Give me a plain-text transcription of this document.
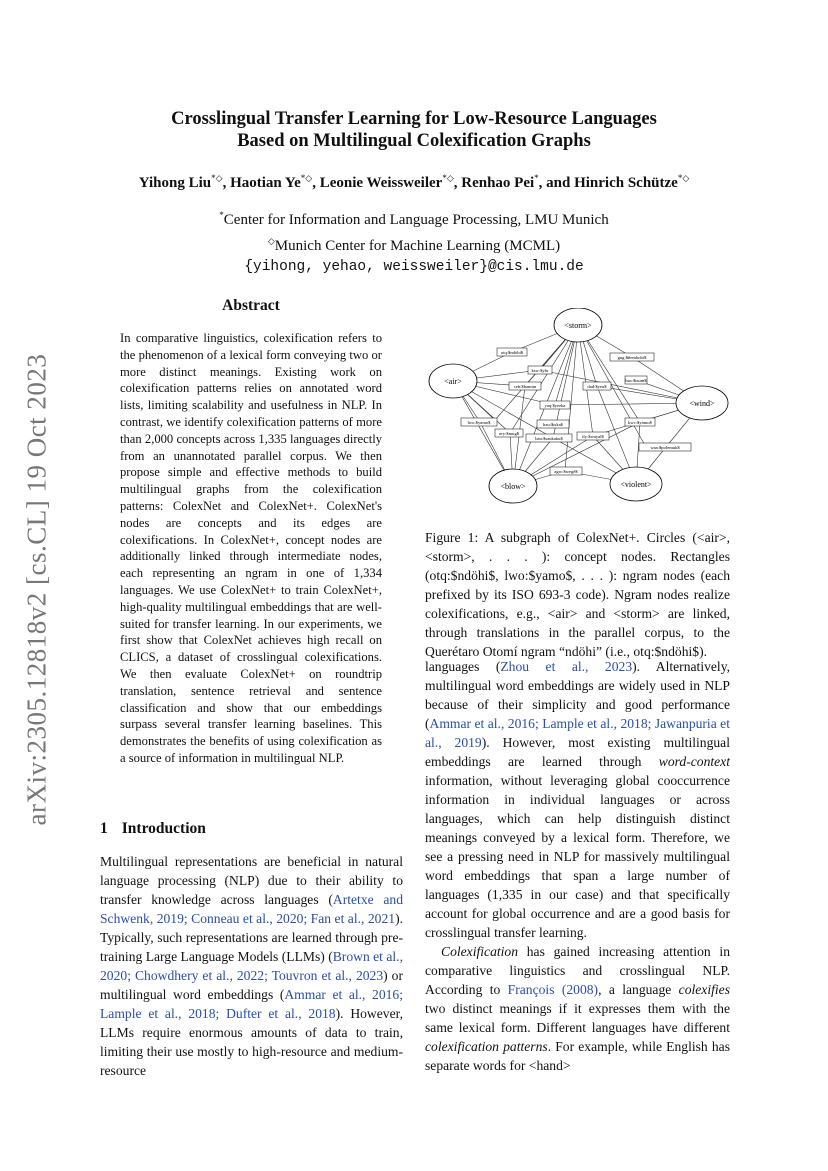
arXiv:2305.12818v2 [cs.CL] 19 Oct 2023
Crosslingual Transfer Learning for Low-Resource Languages
Based on Multilingual Colexification Graphs
Yihong Liu*◇, Haotian Ye*◇, Leonie Weissweiler*◇, Renhao Pei*, and Hinrich Schütze*◇
*Center for Information and Language Processing, LMU Munich
◇Munich Center for Machine Learning (MCML)
{yihong, yehao, weissweiler}@cis.lmu.de
Abstract

In comparative linguistics, colexification refers to the phenomenon of a lexical form conveying two or more distinct meanings. Existing work on colexification patterns relies on annotated word lists, limiting scalability and usefulness in NLP. In contrast, we identify colexification patterns of more than 2,000 concepts across 1,335 languages directly from an unannotated parallel corpus. We then propose simple and effective methods to build multilingual graphs from the colexification patterns: ColexNet and ColexNet+. ColexNet's nodes are concepts and its edges are colexifications. In ColexNet+, concept nodes are additionally linked through intermediate nodes, each representing an ngram in one of 1,334 languages. We use ColexNet+ to train ColexNet+, high-quality multilingual embeddings that are well-suited for transfer learning. In our experiments, we first show that ColexNet achieves high recall on CLICS, a dataset of crosslingual colexifications. We then evaluate ColexNet+ on roundtrip translation, sentence retrieval and sentence classification and show that our embeddings surpass several transfer learning baselines. This demonstrates the benefits of using colexification as a source of information in multilingual NLP.

<storm>
<air>
<wind>
<blow>	<violent>
otq:$ndöhi$
ksw:$ybr
ceb:$hannin
gug:$ñembobi$
dad:$yeu$
hus:$tsum$
yaq:$yeeka
kwc:$yamo$
lwo:$yamo$
ory:$mug$
hau:$iska$
hau:$saukaku$	tly:$wayal$
waa:$polemuk$
agw:$wegé$

Figure 1: A subgraph of ColexNet+. Circles (<air>, <storm>, . . . ): concept nodes. Rectangles (otq:$ndöhi$, lwo:$yamo$, . . . ): ngram nodes (each prefixed by its ISO 693-3 code). Ngram nodes realize colexifications, e.g., <air> and <storm> are linked, through translations in the parallel corpus, to the Querétaro Otomí ngram “ndöhi” (i.e., otq:$ndöhi$).

1 Introduction

Multilingual representations are beneficial in natural language processing (NLP) due to their ability to transfer knowledge across languages (Artetxe and Schwenk, 2019; Conneau et al., 2020; Fan et al., 2021). Typically, such representations are learned through pre-training Large Language Models (LLMs) (Brown et al., 2020; Chowdhery et al., 2022; Touvron et al., 2023) or multilingual word embeddings (Ammar et al., 2016; Lample et al., 2018; Dufter et al., 2018). However, LLMs require enormous amounts of data to train, limiting their use mostly to high-resource and medium-resource

languages (Zhou et al., 2023). Alternatively, multilingual word embeddings are widely used in NLP because of their simplicity and good performance (Ammar et al., 2016; Lample et al., 2018; Jawanpuria et al., 2019). However, most existing multilingual embeddings are learned through word-context information, without leveraging global cooccurrence information in individual languages or across languages, which can help distinguish distinct meanings conveyed by a lexical form. Therefore, we see a pressing need in NLP for massively multilingual word embeddings that span a large number of languages (1,335 in our case) and that specifically account for global occurrence and are a good basis for crosslingual transfer learning.

Colexification has gained increasing attention in comparative linguistics and crosslingual NLP. According to François (2008), a language colexifies two distinct meanings if it expresses them with the same lexical form. Different languages have different colexification patterns. For example, while English has separate words for <hand>
